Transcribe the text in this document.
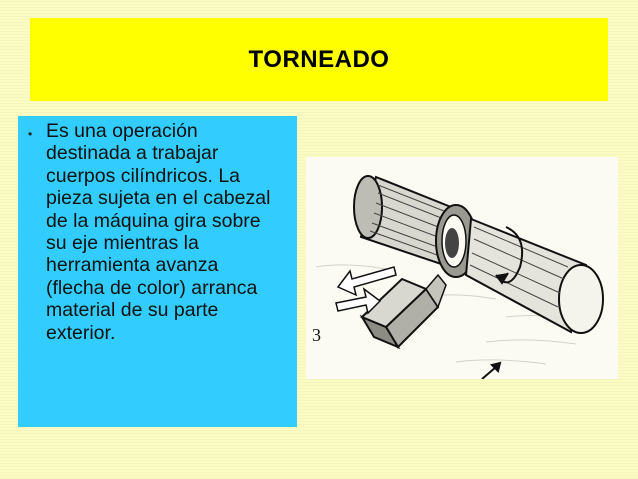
TORNEADO
• Es una operación destinada a trabajar cuerpos cilíndricos. La pieza sujeta en el cabezal de la máquina gira sobre su eje mientras la herramienta avanza (flecha de color) arranca material de su parte exterior.	3
